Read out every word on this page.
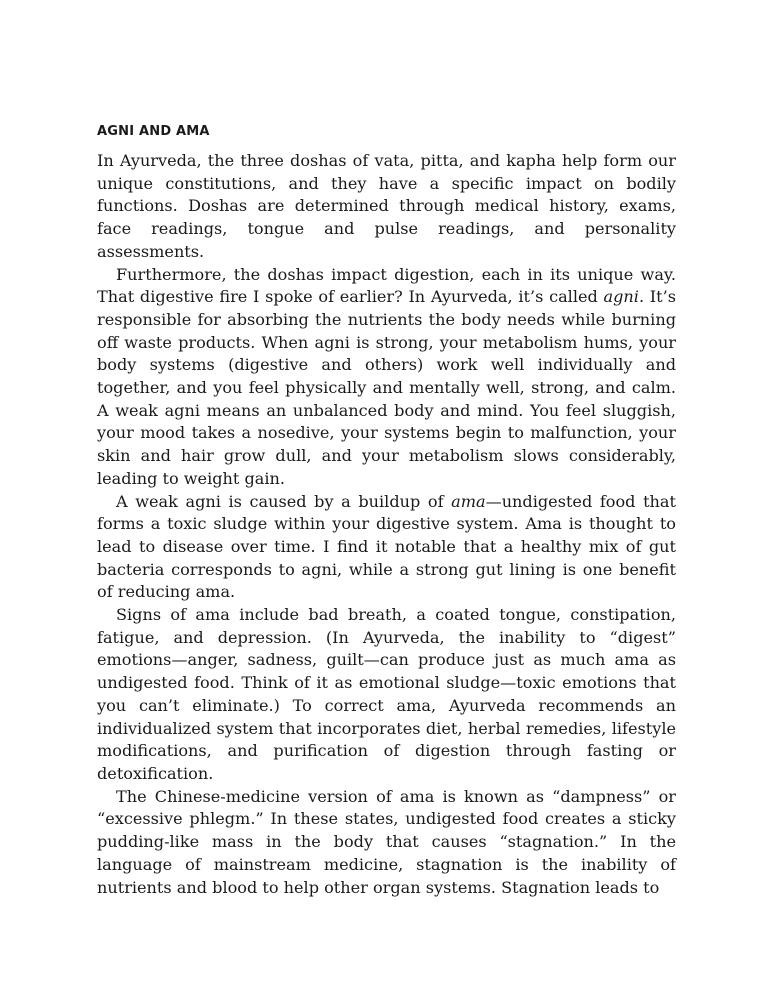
AGNI AND AMA

In Ayurveda, the three doshas of vata, pitta, and kapha help form our unique constitutions, and they have a specific impact on bodily functions. Doshas are determined through medical history, exams, face readings, tongue and pulse readings, and personality assessments.

Furthermore, the doshas impact digestion, each in its unique way. That digestive fire I spoke of earlier? In Ayurveda, it’s called agni. It’s responsible for absorbing the nutrients the body needs while burning off waste products. When agni is strong, your metabolism hums, your body systems (digestive and others) work well individually and together, and you feel physically and mentally well, strong, and calm. A weak agni means an unbalanced body and mind. You feel sluggish, your mood takes a nosedive, your systems begin to malfunction, your skin and hair grow dull, and your metabolism slows considerably, leading to weight gain.

A weak agni is caused by a buildup of ama—undigested food that forms a toxic sludge within your digestive system. Ama is thought to lead to disease over time. I find it notable that a healthy mix of gut bacteria corresponds to agni, while a strong gut lining is one benefit of reducing ama.

Signs of ama include bad breath, a coated tongue, constipation, fatigue, and depression. (In Ayurveda, the inability to “digest” emotions—anger, sadness, guilt—can produce just as much ama as undigested food. Think of it as emotional sludge—toxic emotions that you can’t eliminate.) To correct ama, Ayurveda recommends an individualized system that incorporates diet, herbal remedies, lifestyle modifications, and purification of digestion through fasting or detoxification.

The Chinese-medicine version of ama is known as “dampness” or “excessive phlegm.” In these states, undigested food creates a sticky pudding-like mass in the body that causes “stagnation.” In the language of mainstream medicine, stagnation is the inability of nutrients and blood to help other organ systems. Stagnation leads to
